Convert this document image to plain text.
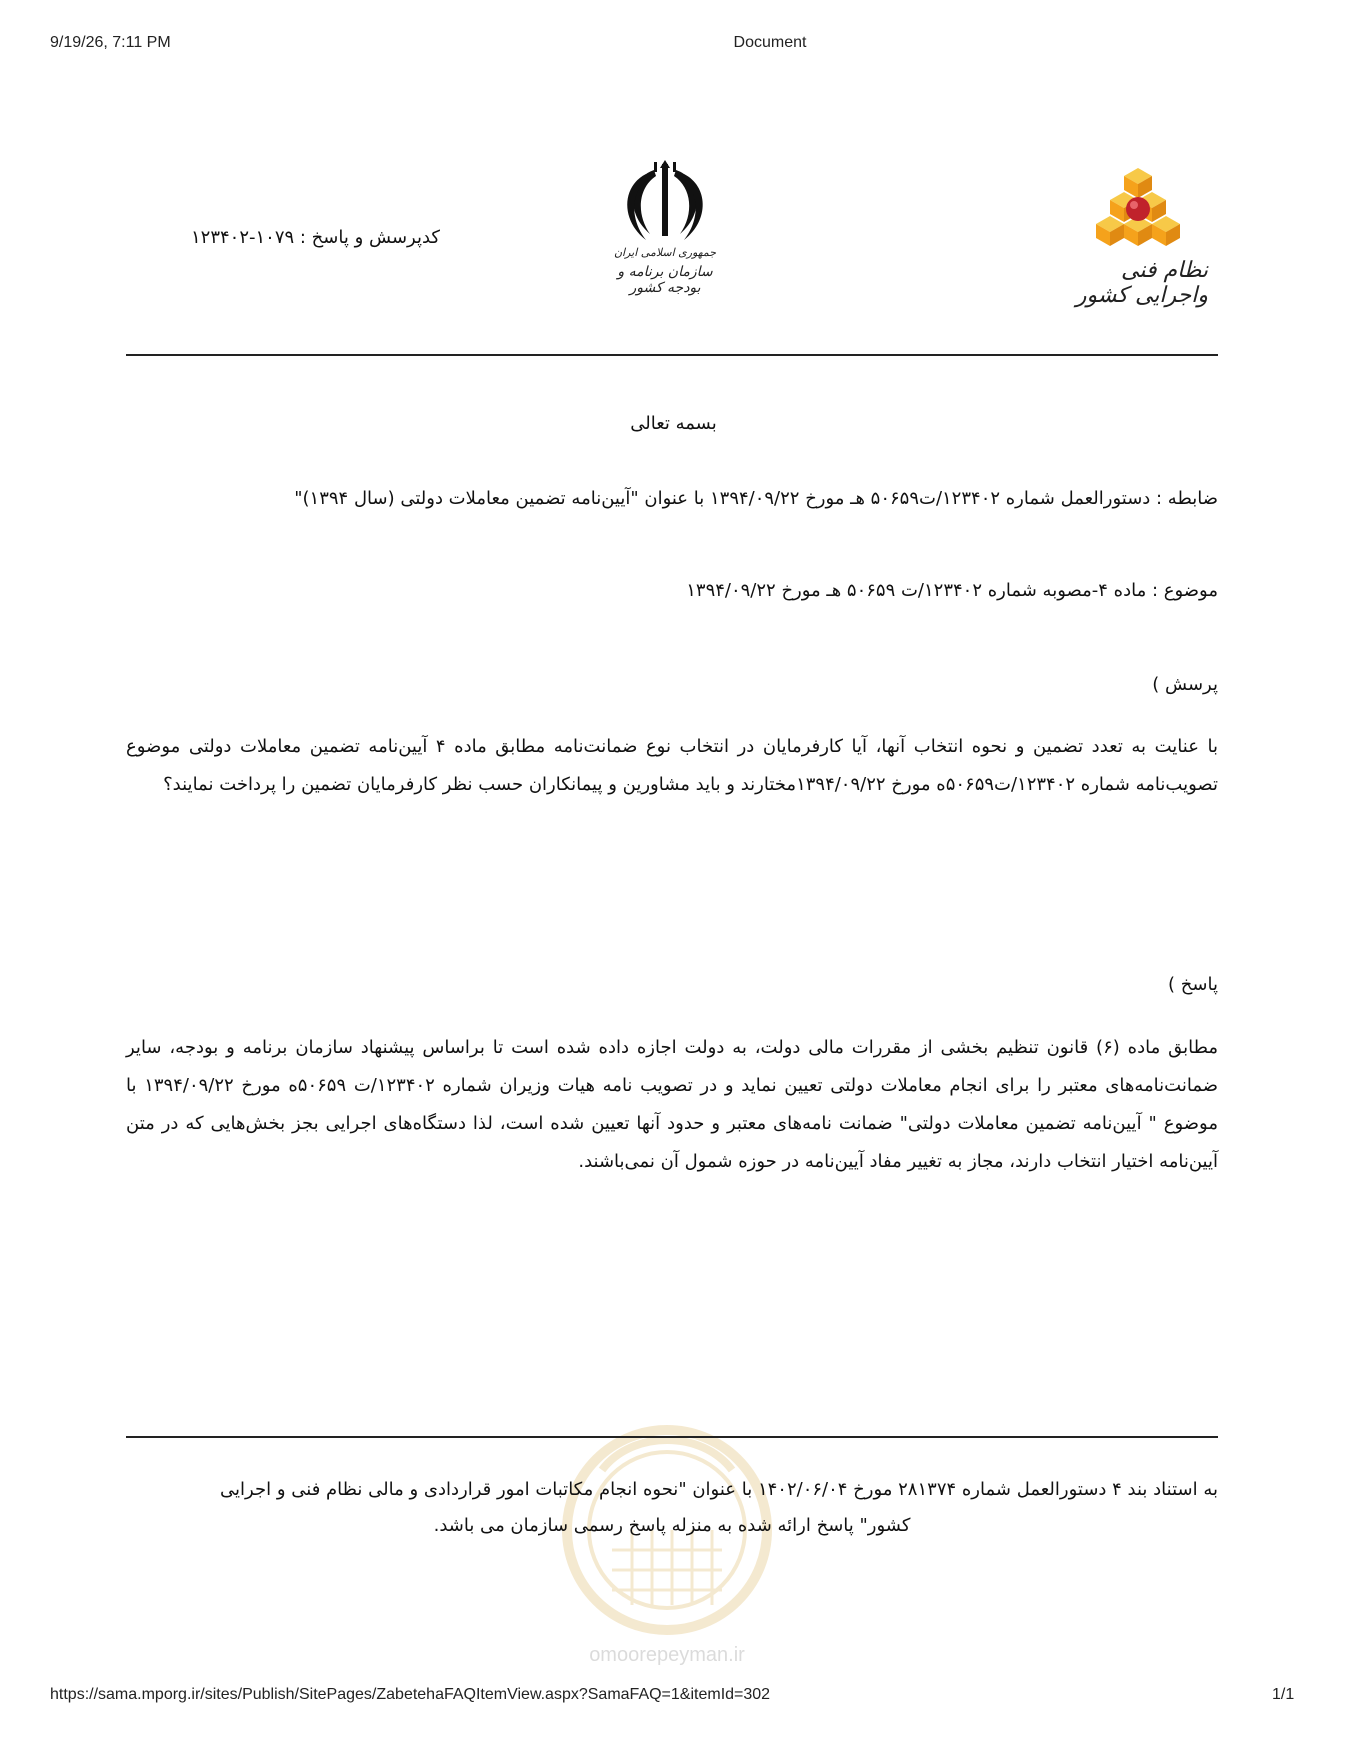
9/19/26, 7:11 PM	Document
نظام فنی واجرایی کشور
جمهوری اسلامی ایران
سازمان برنامه و بودجه کشور
کدپرسش و پاسخ : ۱۰۷۹-۱۲۳۴۰۲
بسمه تعالی
ضابطه : دستورالعمل شماره ۱۲۳۴۰۲/ت۵۰۶۵۹ هـ مورخ ۱۳۹۴/۰۹/۲۲ با عنوان "آیین‌نامه تضمین معاملات دولتی (سال ۱۳۹۴)"
موضوع : ماده ۴-مصوبه شماره ۱۲۳۴۰۲/ت ۵۰۶۵۹ هـ مورخ ۱۳۹۴/۰۹/۲۲
پرسش )
با عنایت به تعدد تضمین و نحوه انتخاب آنها، آیا کارفرمایان در انتخاب نوع ضمانت‌نامه مطابق ماده ۴ آیین‌نامه تضمین معاملات دولتی موضوع تصویب‌نامه شماره ۱۲۳۴۰۲/ت۵۰۶۵۹ه مورخ ۱۳۹۴/۰۹/۲۲مختارند و باید مشاورین و پیمانکاران حسب نظر کارفرمایان تضمین را پرداخت نمایند؟
پاسخ )
مطابق ماده (۶) قانون تنظیم بخشی از مقررات مالی دولت، به دولت اجازه داده شده است تا براساس پیشنهاد سازمان برنامه و بودجه، سایر ضمانت‌نامه‌های معتبر را برای انجام معاملات دولتی تعیین نماید و در تصویب نامه هیات وزیران شماره ۱۲۳۴۰۲/ت ۵۰۶۵۹ه مورخ ۱۳۹۴/۰۹/۲۲ با موضوع " آیین‌نامه تضمین معاملات دولتی" ضمانت نامه‌های معتبر و حدود آنها تعیین شده است، لذا دستگاه‌های اجرایی بجز بخش‌هایی که در متن آیین‌نامه اختیار انتخاب دارند، مجاز به تغییر مفاد آیین‌نامه در حوزه شمول آن نمی‌باشند.
omoorepeyman.ir
به استناد بند ۴ دستورالعمل شماره ۲۸۱۳۷۴ مورخ ۱۴۰۲/۰۶/۰۴ با عنوان "نحوه انجام مکاتبات امور قراردادی و مالی نظام فنی و اجرایی
کشور" پاسخ ارائه شده به منزله پاسخ رسمی سازمان می باشد.
https://sama.mporg.ir/sites/Publish/SitePages/ZabetehaFAQItemView.aspx?SamaFAQ=1&itemId=302	1/1
